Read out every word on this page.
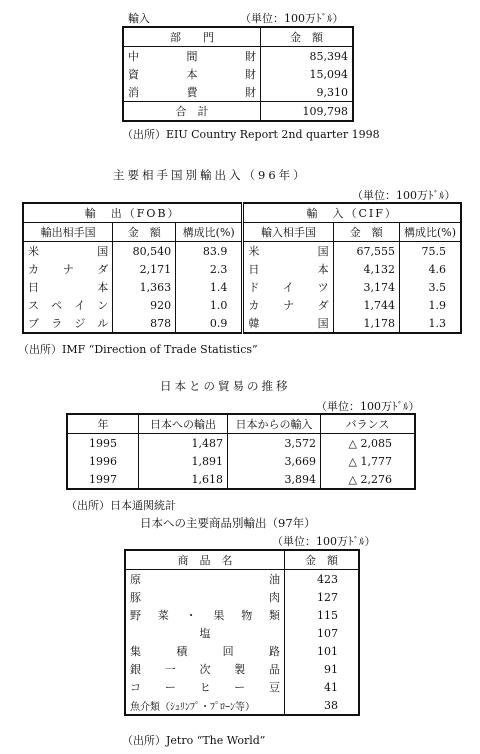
輸入	（単位：100万ﾄﾞﾙ）
部　　門	金　額
中間財	85,394
資本財	15,094
消費財	9,310
合　計	109,798
（出所）EIU Country Report 2nd quarter 1998
主要相手国別輸出入（96年）
（単位：100万ﾄﾞﾙ）
輸　出（FOB）			輸　入（CIF）		
輸出相手国	金　額	構成比(%)	輸入相手国	金　額	構成比(%)
米国	80,540	83.9	米国	67,555	75.5
カナダ	2,171	2.3	日本	4,132	4.6
日本	1,363	1.4	ドイツ	3,174	3.5
スペイン	920	1.0	カナダ	1,744	1.9
ブラジル	878	0.9	韓国	1,178	1.3
（出所）IMF “Direction of Trade Statistics”
日本との貿易の推移
（単位：100万ﾄﾞﾙ）
年	日本への輸出	日本からの輸入	バランス
1995	1,487	3,572	△ 2,085
1996	1,891	3,669	△ 1,777
1997	1,618	3,894	△ 2,276
（出所）日本通関統計
日本への主要商品別輸出（97年）
（単位：100万ﾄﾞﾙ）
商　品　名	金　額
原油	423
豚肉	127
野菜・果物類	115
塩	107
集積回路	101
銀一次製品	91
コーヒー豆	41
魚介類（ｼｭﾘﾝﾌﾟ・ﾌﾟﾛｰﾝ等）	38
（出所）Jetro “The World”
